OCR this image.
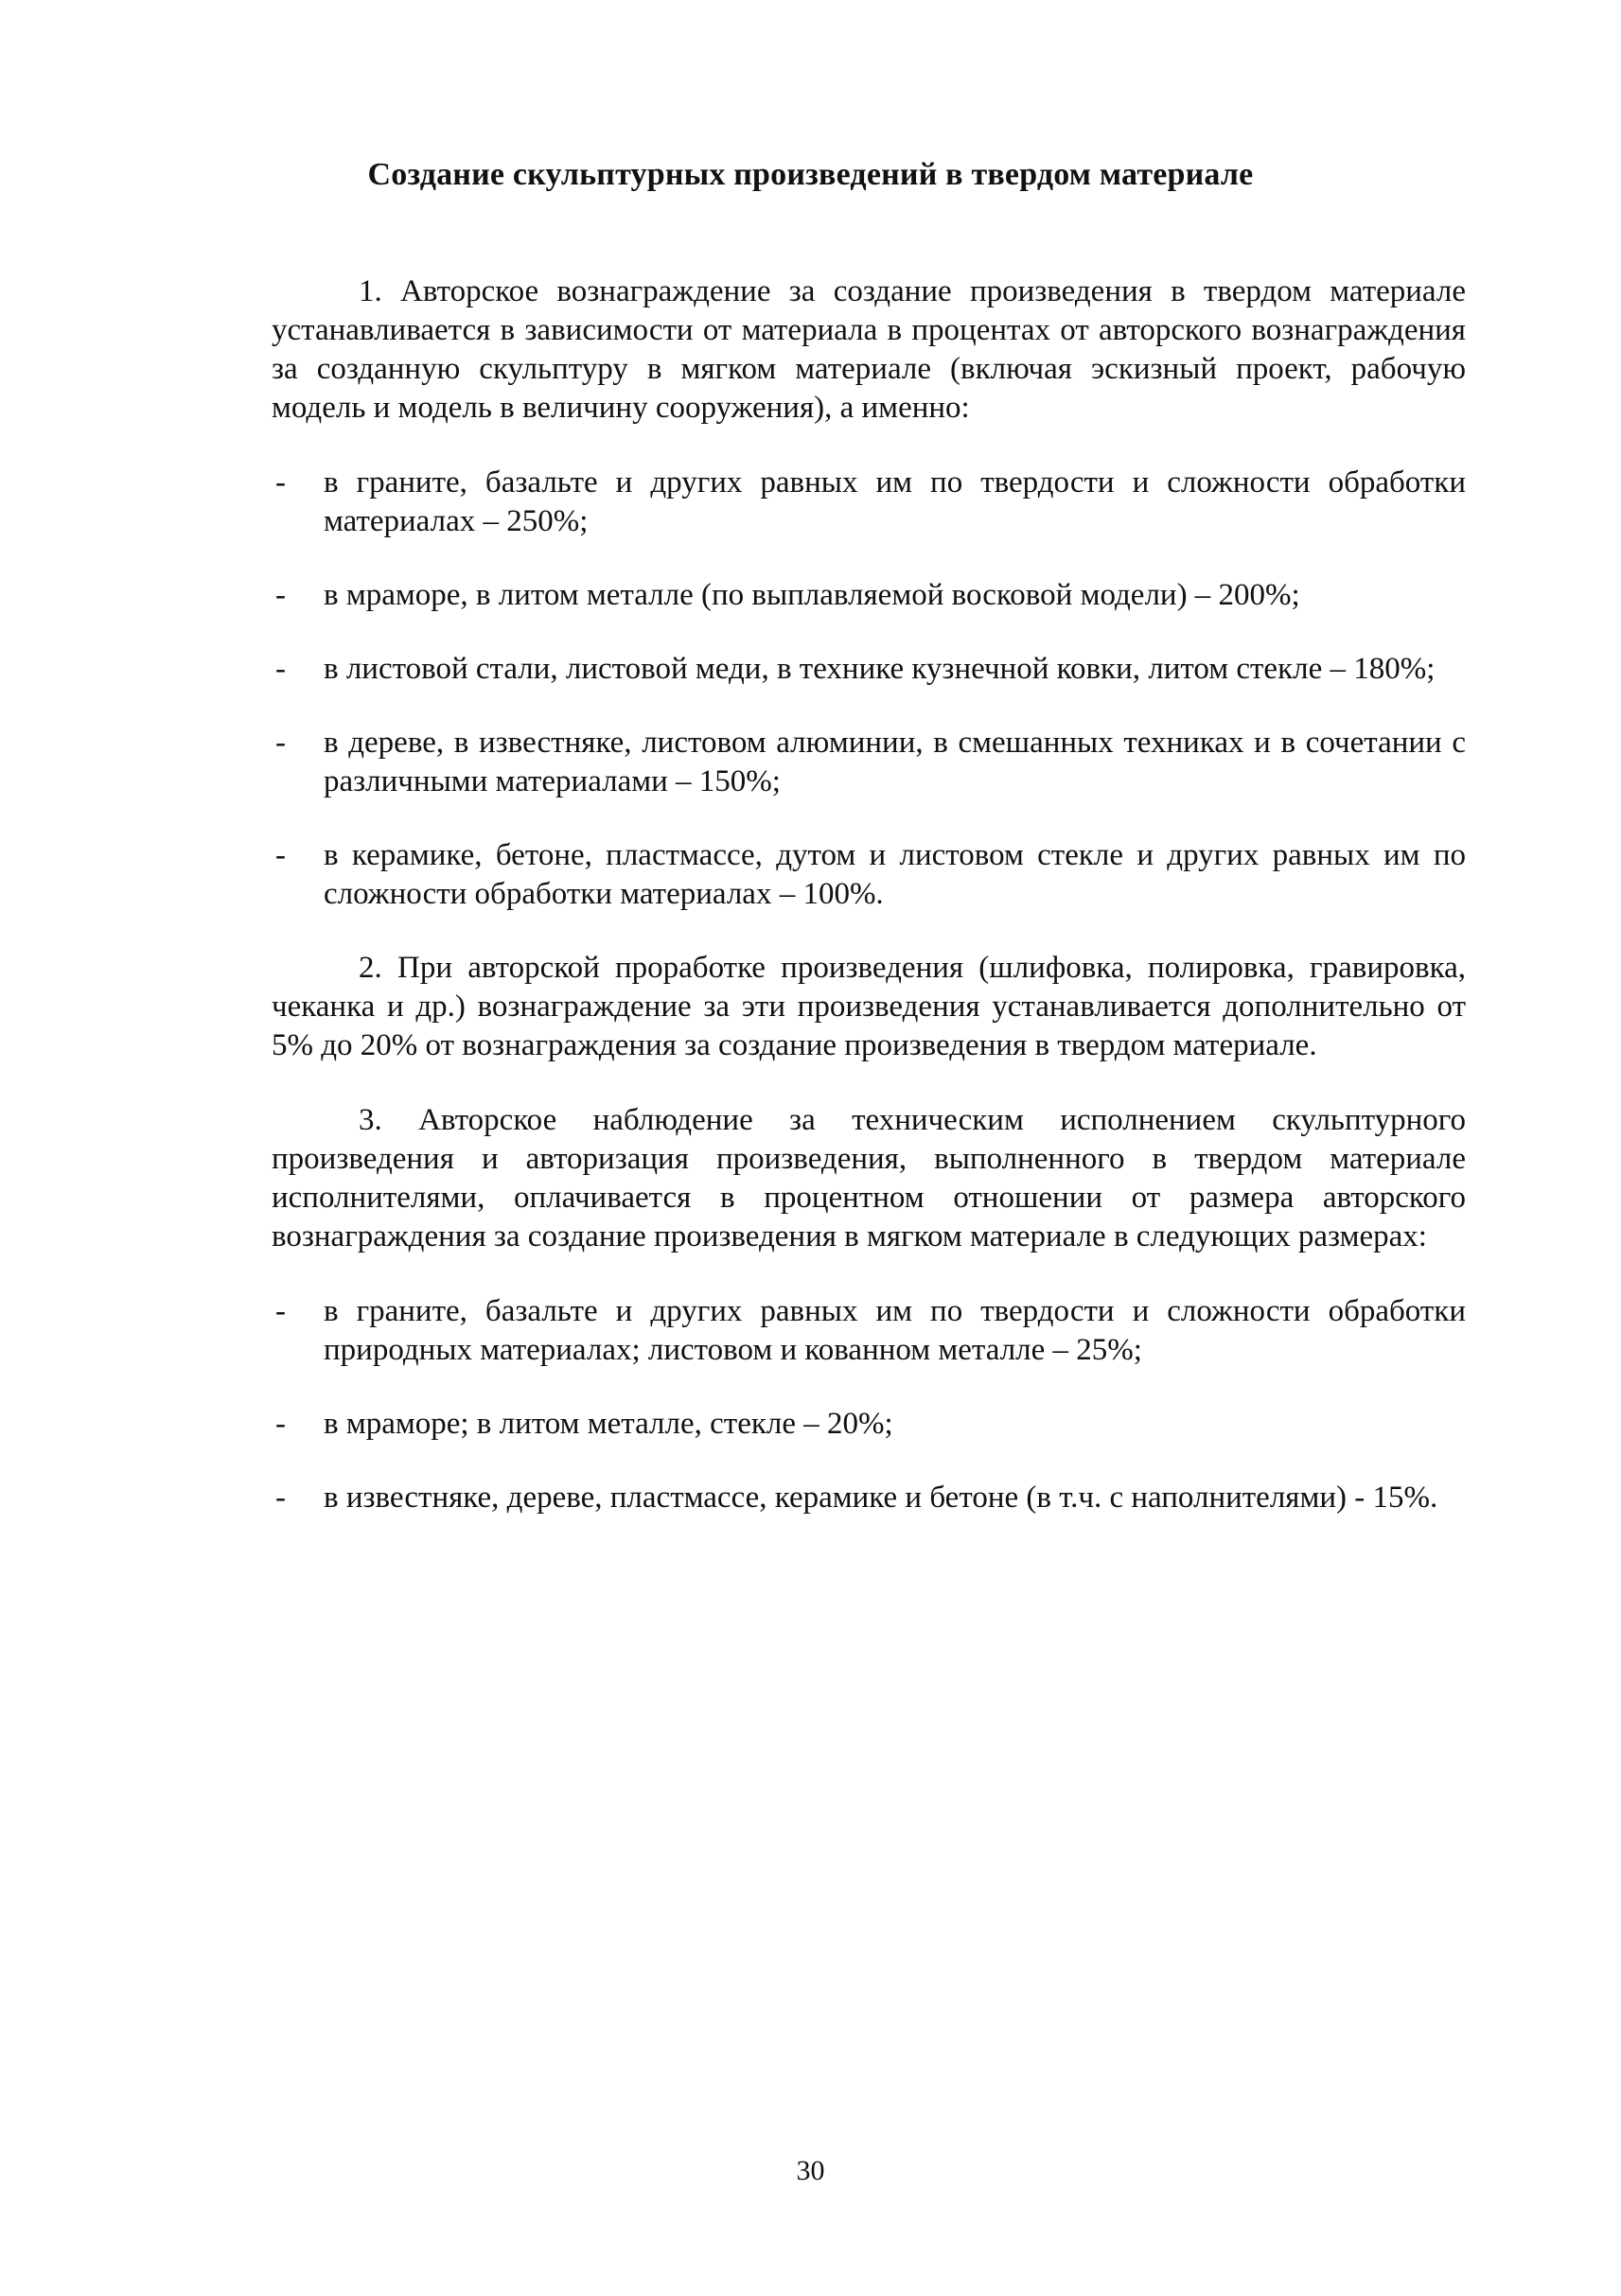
Создание скульптурных произведений в твердом материале

1. Авторское вознаграждение за создание произведения в твердом материале устанавливается в зависимости от материала в процентах от авторского вознаграждения за созданную скульптуру в мягком материале (включая эскизный проект, рабочую модель и модель в величину сооружения), а именно:

- в граните, базальте и других равных им по твердости и сложности обработки материалах – 250%;
- в мраморе, в литом металле (по выплавляемой восковой модели) – 200%;
- в листовой стали, листовой меди, в технике кузнечной ковки, литом стекле – 180%;
- в дереве, в известняке, листовом алюминии, в смешанных техниках и в сочетании с различными материалами – 150%;
- в керамике, бетоне, пластмассе, дутом и листовом стекле и других равных им по сложности обработки материалах – 100%.

2. При авторской проработке произведения (шлифовка, полировка, гравировка, чеканка и др.) вознаграждение за эти произведения устанавливается дополнительно от 5% до 20% от вознаграждения за создание произведения в твердом материале.

3. Авторское наблюдение за техническим исполнением скульптурного произведения и авторизация произведения, выполненного в твердом материале исполнителями, оплачивается в процентном отношении от размера авторского вознаграждения за создание произведения в мягком материале в следующих размерах:

- в граните, базальте и других равных им по твердости и сложности обработки природных материалах; листовом и кованном металле – 25%;
- в мраморе; в литом металле, стекле – 20%;
- в известняке, дереве, пластмассе, керамике и бетоне (в т.ч. с наполнителями) - 15%.
30
